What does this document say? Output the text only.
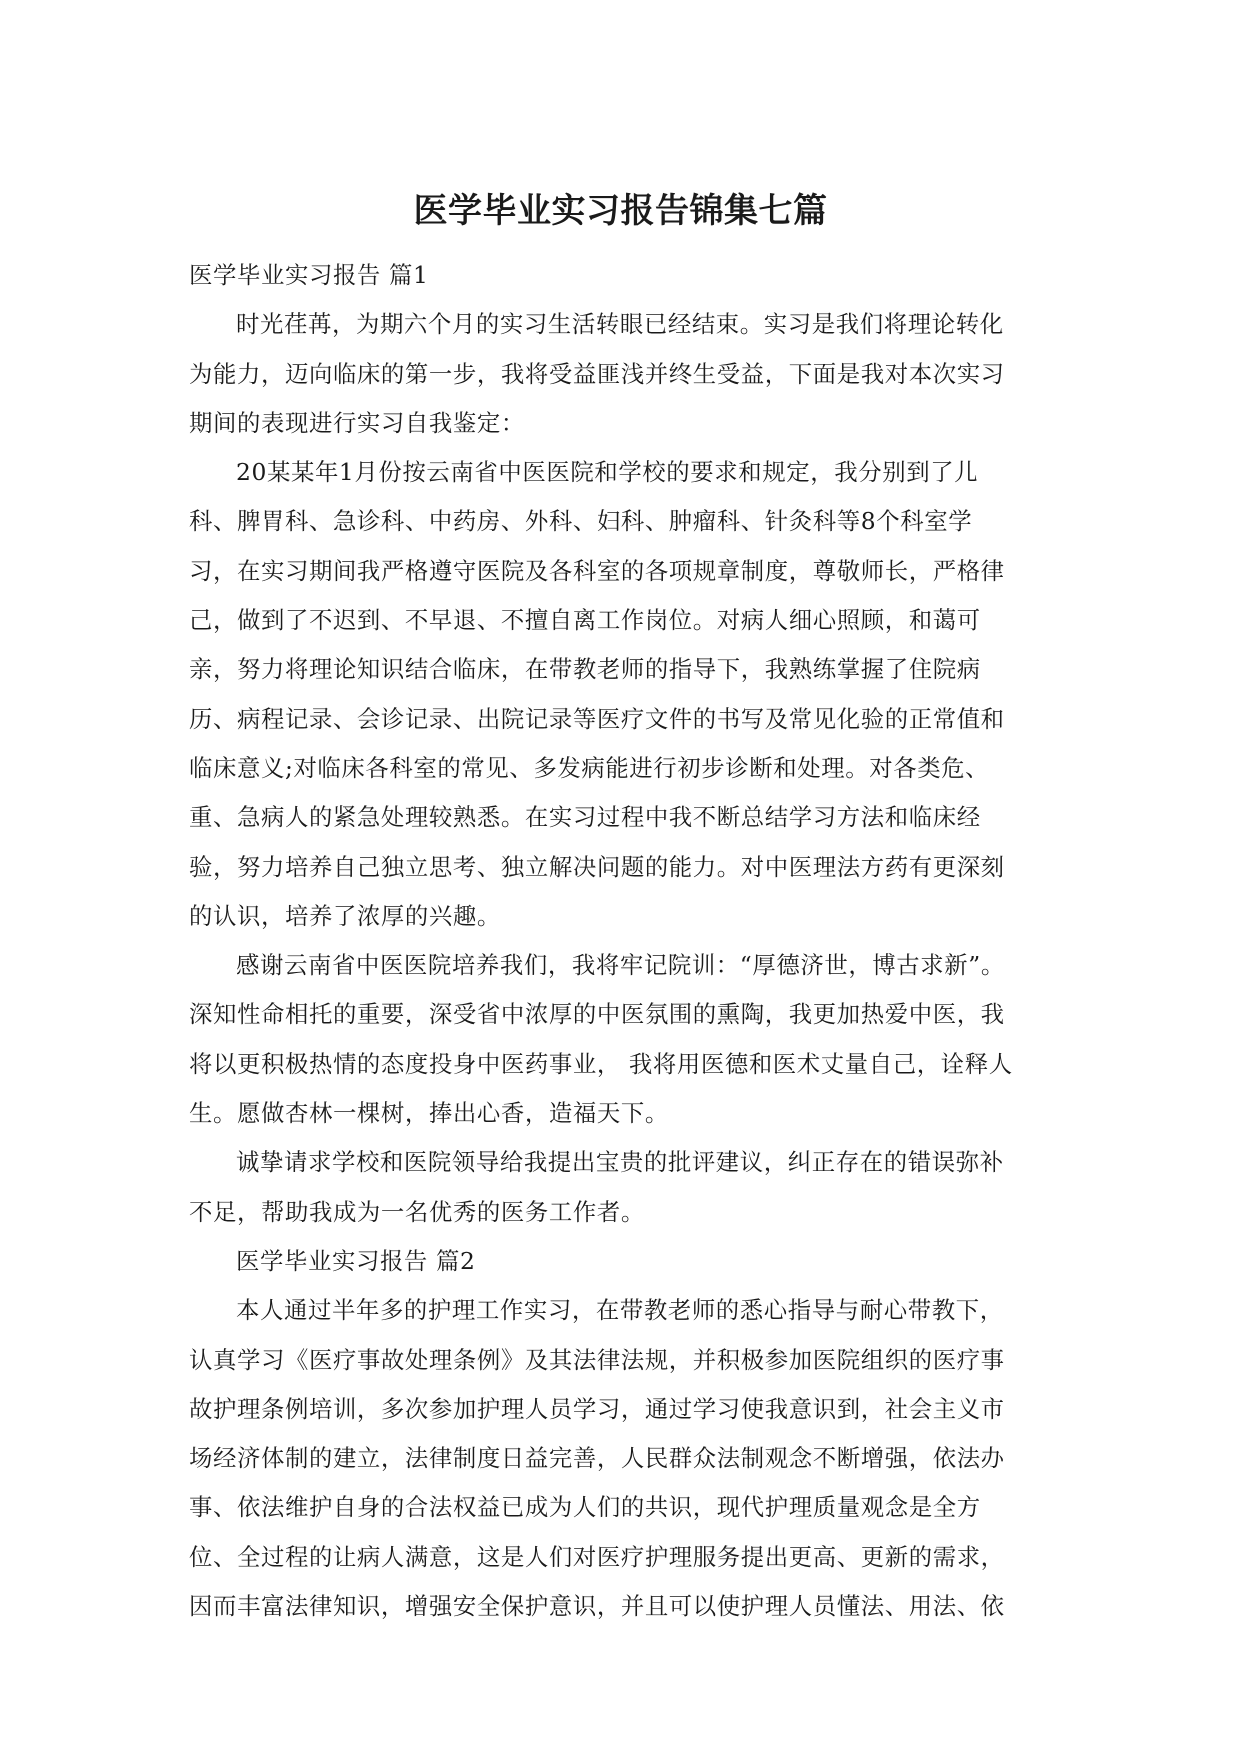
医学毕业实习报告锦集七篇
医学毕业实习报告 篇1
时光荏苒，为期六个月的实习生活转眼已经结束。实习是我们将理论转化
为能力，迈向临床的第一步，我将受益匪浅并终生受益，下面是我对本次实习
期间的表现进行实习自我鉴定：
20某某年1月份按云南省中医医院和学校的要求和规定，我分别到了儿
科、脾胃科、急诊科、中药房、外科、妇科、肿瘤科、针灸科等8个科室学
习，在实习期间我严格遵守医院及各科室的各项规章制度，尊敬师长，严格律
己，做到了不迟到、不早退、不擅自离工作岗位。对病人细心照顾，和蔼可
亲，努力将理论知识结合临床，在带教老师的指导下，我熟练掌握了住院病
历、病程记录、会诊记录、出院记录等医疗文件的书写及常见化验的正常值和
临床意义;对临床各科室的常见、多发病能进行初步诊断和处理。对各类危、
重、急病人的紧急处理较熟悉。在实习过程中我不断总结学习方法和临床经
验，努力培养自己独立思考、独立解决问题的能力。对中医理法方药有更深刻
的认识，培养了浓厚的兴趣。
感谢云南省中医医院培养我们，我将牢记院训：“厚德济世，博古求新”。
深知性命相托的重要，深受省中浓厚的中医氛围的熏陶，我更加热爱中医，我
将以更积极热情的态度投身中医药事业， 我将用医德和医术丈量自己，诠释人
生。愿做杏林一棵树，捧出心香，造福天下。
诚挚请求学校和医院领导给我提出宝贵的批评建议，纠正存在的错误弥补
不足，帮助我成为一名优秀的医务工作者。
医学毕业实习报告 篇2
本人通过半年多的护理工作实习，在带教老师的悉心指导与耐心带教下，
认真学习《医疗事故处理条例》及其法律法规，并积极参加医院组织的医疗事
故护理条例培训，多次参加护理人员学习，通过学习使我意识到，社会主义市
场经济体制的建立，法律制度日益完善，人民群众法制观念不断增强，依法办
事、依法维护自身的合法权益已成为人们的共识，现代护理质量观念是全方
位、全过程的让病人满意，这是人们对医疗护理服务提出更高、更新的需求，
因而丰富法律知识，增强安全保护意识，并且可以使护理人员懂法、用法、依
